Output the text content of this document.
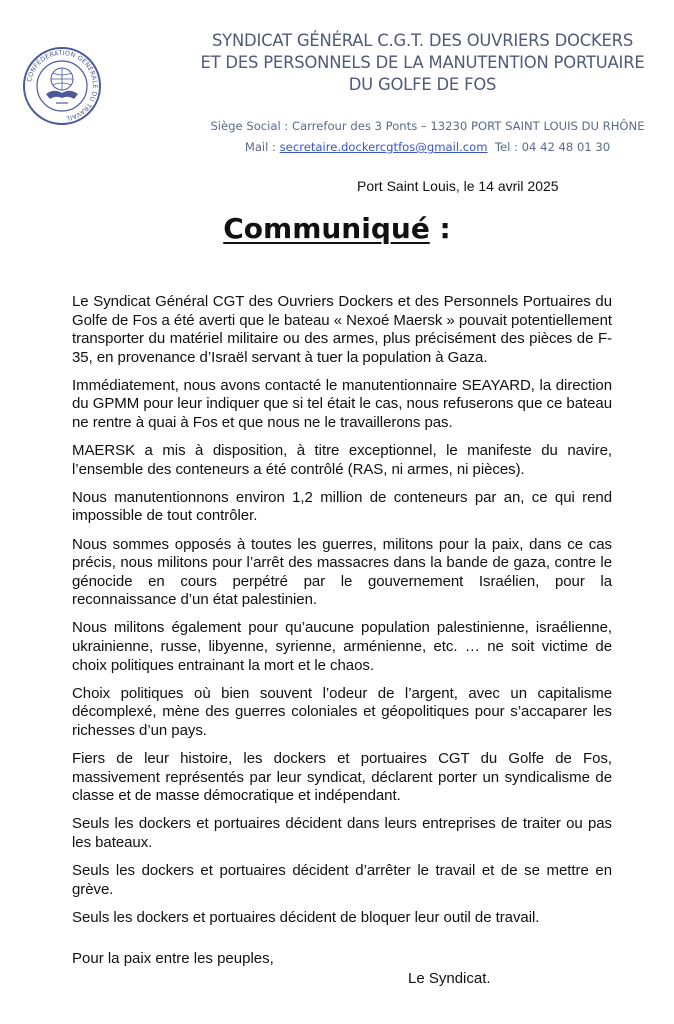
CONFÉDÉRATION GÉNÉRALE DU TRAVAIL
SYNDICAT GÉNÉRAL C.G.T. DES OUVRIERS DOCKERS
ET DES PERSONNELS DE LA MANUTENTION PORTUAIRE
DU GOLFE DE FOS
Siège Social : Carrefour des 3 Ponts – 13230 PORT SAINT LOUIS DU RHÔNE
Mail : secretaire.dockercgtfos@gmail.com Tel : 04 42 48 01 30
Port Saint Louis, le 14 avril 2025
Communiqué :

Le Syndicat Général CGT des Ouvriers Dockers et des Personnels Portuaires du Golfe de Fos a été averti que le bateau « Nexoé Maersk » pouvait potentiellement transporter du matériel militaire ou des armes, plus précisément des pièces de F-35, en provenance d’Israël servant à tuer la population à Gaza.

Immédiatement, nous avons contacté le manutentionnaire SEAYARD, la direction du GPMM pour leur indiquer que si tel était le cas, nous refuserons que ce bateau ne rentre à quai à Fos et que nous ne le travaillerons pas.

MAERSK a mis à disposition, à titre exceptionnel, le manifeste du navire, l’ensemble des conteneurs a été contrôlé (RAS, ni armes, ni pièces).

Nous manutentionnons environ 1,2 million de conteneurs par an, ce qui rend impossible de tout contrôler.

Nous sommes opposés à toutes les guerres, militons pour la paix, dans ce cas précis, nous militons pour l’arrêt des massacres dans la bande de gaza, contre le génocide en cours perpétré par le gouvernement Israélien, pour la reconnaissance d’un état palestinien.

Nous militons également pour qu’aucune population palestinienne, israélienne, ukrainienne, russe, libyenne, syrienne, arménienne, etc. … ne soit victime de choix politiques entrainant la mort et le chaos.

Choix politiques où bien souvent l’odeur de l’argent, avec un capitalisme décomplexé, mène des guerres coloniales et géopolitiques pour s’accaparer les richesses d’un pays.

Fiers de leur histoire, les dockers et portuaires CGT du Golfe de Fos, massivement représentés par leur syndicat, déclarent porter un syndicalisme de classe et de masse démocratique et indépendant.

Seuls les dockers et portuaires décident dans leurs entreprises de traiter ou pas les bateaux.

Seuls les dockers et portuaires décident d’arrêter le travail et de se mettre en grève.

Seuls les dockers et portuaires décident de bloquer leur outil de travail.

Pour la paix entre les peuples,
Le Syndicat.
